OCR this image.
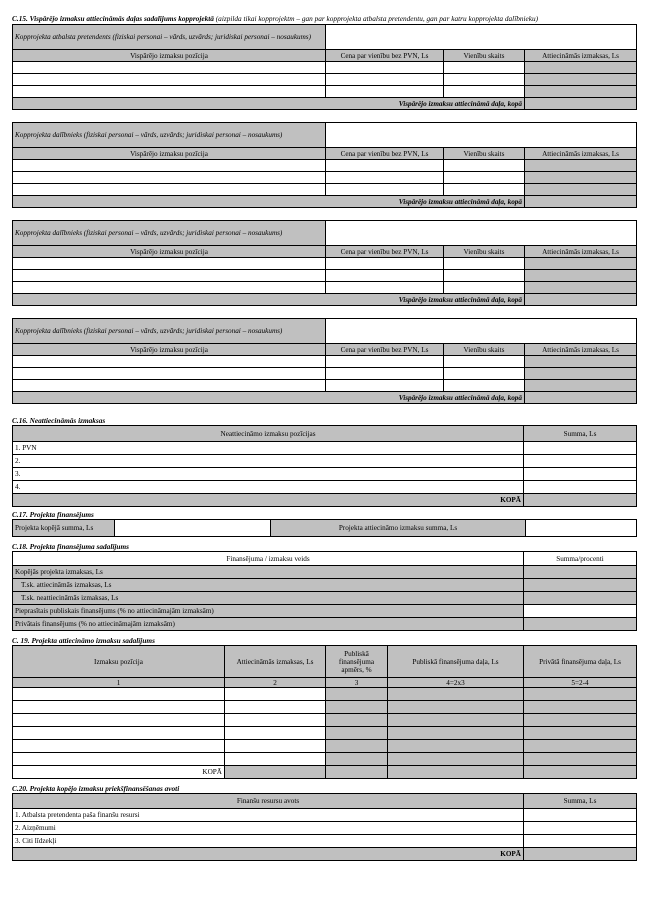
C.15. Vispārējo izmaksu attiecināmās daļas sadalījums kopprojektā (aizpilda tikai kopprojektm – gan par kopprojekta atbalsta pretendentu, gan par katru kopprojekta dalībnieku)

Kopprojekta atbalsta pretendents (fiziskai personai – vārds, uzvārds; juridiskai personai – nosaukums)			
Vispārējo izmaksu pozīcija	Cena par vienību bez PVN, Ls	Vienību skaits	Attiecināmās izmaksas, Ls

Vispārējo izmaksu attiecināmā daļa, kopā			
Kopprojekta dalībnieks (fiziskai personai – vārds, uzvārds; juridiskai personai – nosaukums)			
Vispārējo izmaksu pozīcija	Cena par vienību bez PVN, Ls	Vienību skaits	Attiecināmās izmaksas, Ls

Vispārējo izmaksu attiecināmā daļa, kopā			
Kopprojekta dalībnieks (fiziskai personai – vārds, uzvārds; juridiskai personai – nosaukums)			
Vispārējo izmaksu pozīcija	Cena par vienību bez PVN, Ls	Vienību skaits	Attiecināmās izmaksas, Ls

Vispārējo izmaksu attiecināmā daļa, kopā			
Kopprojekta dalībnieks (fiziskai personai – vārds, uzvārds; juridiskai personai – nosaukums)			
Vispārējo izmaksu pozīcija	Cena par vienību bez PVN, Ls	Vienību skaits	Attiecināmās izmaksas, Ls

Vispārējo izmaksu attiecināmā daļa, kopā			

C.16. Neattiecināmās izmaksas

Neattiecināmo izmaksu pozīcijas	Summa, Ls
1. PVN	
2.	
3.	
4.	
KOPĀ	

C.17. Projekta finansējums

Projekta kopējā summa, Ls		Projekta attiecināmo izmaksu summa, Ls	

C.18. Projekta finansējuma sadalījums

Finansējuma / izmaksu veids	Summa/procenti
Kopējās projekta izmaksas, Ls	
T.sk. attiecināmās izmaksas, Ls	
T.sk. neattiecināmās izmaksas, Ls	
Pieprasītais publiskais finansējums (% no attiecināmajām izmaksām)	
Privātais finansējums (% no attiecināmajām izmaksām)	

C. 19. Projekta attiecināmo izmaksu sadalījums

Izmaksu pozīcija	Attiecināmās izmaksas, Ls	Publiskā finansējuma apmērs, %	Publiskā finansējuma daļa, Ls	Privātā finansējuma daļa, Ls
1	2	3	4=2x3	5=2-4

KOPĀ				

C.20. Projekta kopējo izmaksu priekšfinansēšanas avoti

Finanšu resursu avots	Summa, Ls
1. Atbalsta pretendenta paša finanšu resursi	
2. Aizņēmumi	
3. Citi līdzekļi	
KOPĀ	
